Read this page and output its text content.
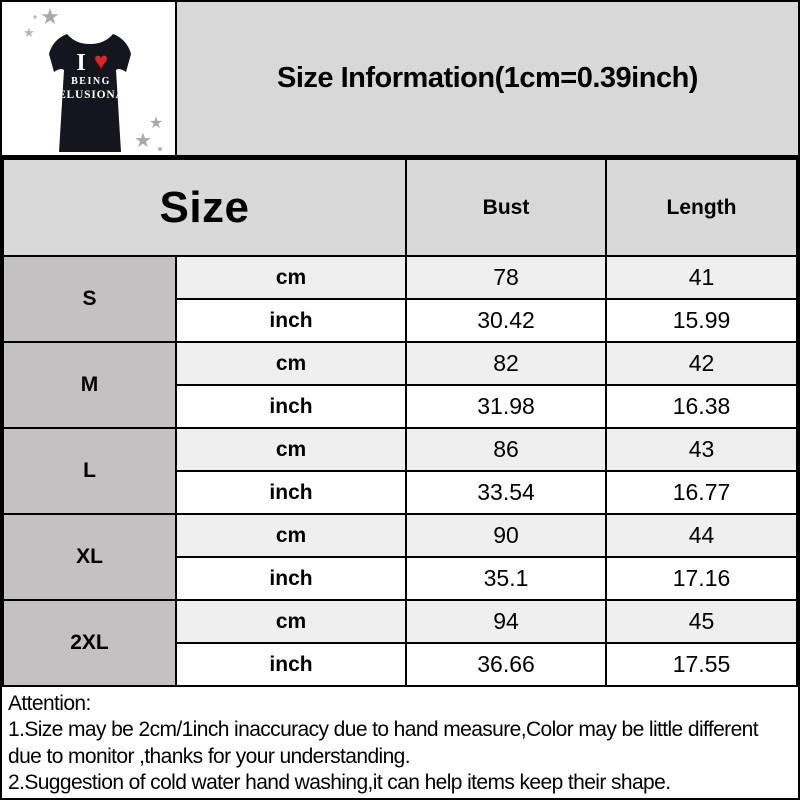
★
★
★
★
I ♥
BEING
DELUSIONAL
Size Information(1cm=0.39inch)
Size		Bust	Length
S	cm	78	41
	inch	30.42	15.99
M	cm	82	42
	inch	31.98	16.38
L	cm	86	43
	inch	33.54	16.77
XL	cm	90	44
	inch	35.1	17.16
2XL	cm	94	45
	inch	36.66	17.55

Attention:

1.Size may be 2cm/1inch inaccuracy due to hand measure,Color may be little different due to monitor ,thanks for your understanding.

2.Suggestion of cold water hand washing,it can help items keep their shape.
